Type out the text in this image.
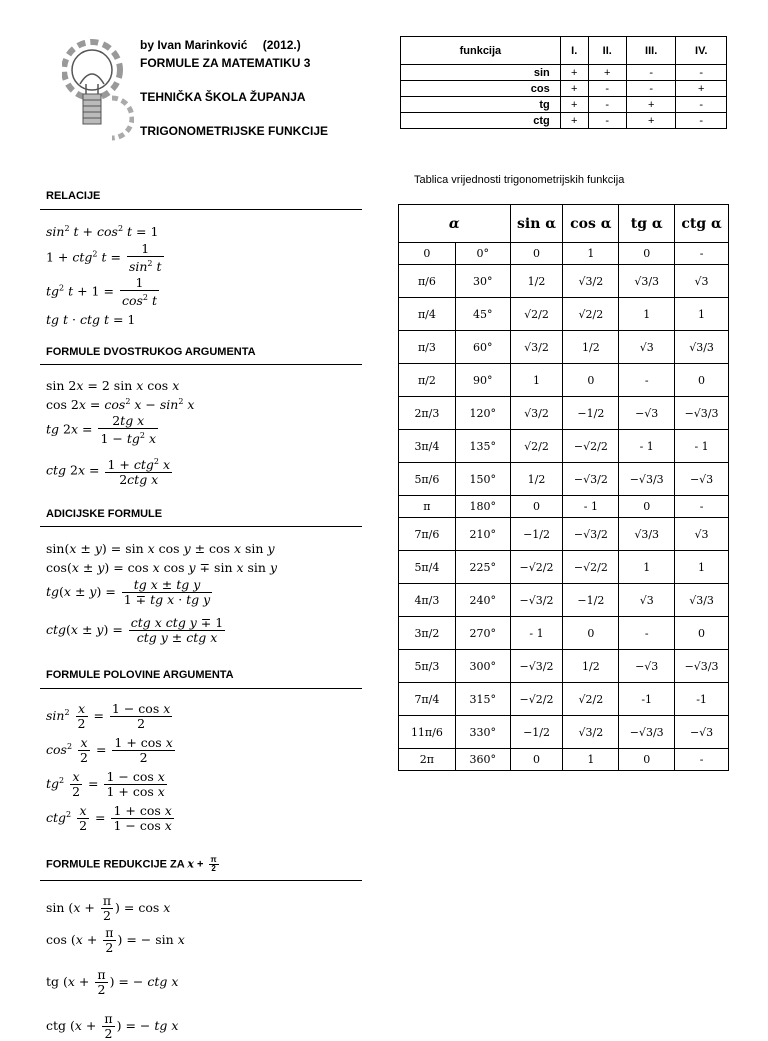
by Ivan Marinković (2012.)
FORMULE ZA MATEMATIKU 3
TEHNIČKA ŠKOLA ŽUPANJA
TRIGONOMETRIJSKE FUNKCIJE
RELACIJE
$\sin^2 t + \cos^2 t = 1$
1 + ctg$^2$ $t = \frac{1}{\sin^2 t}$
$tg^2$ $t + 1 = \frac{1}{\cos^2 t}$
tg t · ctg t = 1
FORMULE DVOSTRUKOG ARGUMENTA
sin 2x = 2 sin x cos x
$\cos 2x = \cos^2 x - \sin^2 x$
tg $2x = \frac{\text{2tg x}}{1 - tg^2 x}$
ctg $2x = \frac{1 + ctg^2 x}{\text{2ctg x}}$
ADICIJSKE FORMULE
sin(x ± y) = sin x cos y ± cos x sin y
cos(x ± y) = cos x cos y ∓ sin x sin y
$tg(x \pm y) = \frac{\text{tg x ± tg y}}{\text{1 ∓ tg x · tg y}}$
$ctg(x \pm y) = \frac{\text{ctg x ctg y ∓ 1}}{\text{ctg y ± ctg x}}$
FORMULE POLOVINE ARGUMENTA
$\sin^2 \frac{x}{2} = \frac{\text{1 − cos x}}{2}$
$\cos^2 \frac{x}{2} = \frac{\text{1 + cos x}}{2}$
$tg^2 \frac{x}{2} = \frac{\text{1 − cos x}}{\text{1 + cos x}}$
$ctg^2 \frac{x}{2} = \frac{\text{1 + cos x}}{\text{1 − cos x}}$
FORMULE REDUKCIJE ZA $x + \frac{\pi}{2}$
$\sin (x + \frac{\pi}{2}$ ) = cos x
$\cos (x + \frac{\pi}{2}$ ) = − sin x
tg ($x + \frac{\pi}{2}$ ) = − ctg x
ctg ($x + \frac{\pi}{2}$ ) = − tg x
funkcija	I.	II.	III.	IV.
sin	+	+	-	-
cos	+	-	-	+
tg	+	-	+	-
ctg	+	-	+	-
Tablica vrijednosti trigonometrijskih funkcija
α		sin α	cos α	tg α	ctg α
0	0°	0	1	0	-
π/6	30°	1/2	√3/2	√3/3	√3
π/4	45°	√2/2	√2/2	1	1
π/3	60°	√3/2	1/2	√3	√3/3
π/2	90°	1	0	-	0
2π/3	120°	√3/2	−1/2	−√3	−√3/3
3π/4	135°	√2/2	−√2/2	- 1	- 1
5π/6	150°	1/2	−√3/2	−√3/3	−√3
π	180°	0	- 1	0	-
7π/6	210°	−1/2	−√3/2	√3/3	√3
5π/4	225°	−√2/2	−√2/2	1	1
4π/3	240°	−√3/2	−1/2	√3	√3/3
3π/2	270°	- 1	0	-	0
5π/3	300°	−√3/2	1/2	−√3	−√3/3
7π/4	315°	−√2/2	√2/2	-1	-1
11π/6	330°	−1/2	√3/2	−√3/3	−√3
2π	360°	0	1	0	-
